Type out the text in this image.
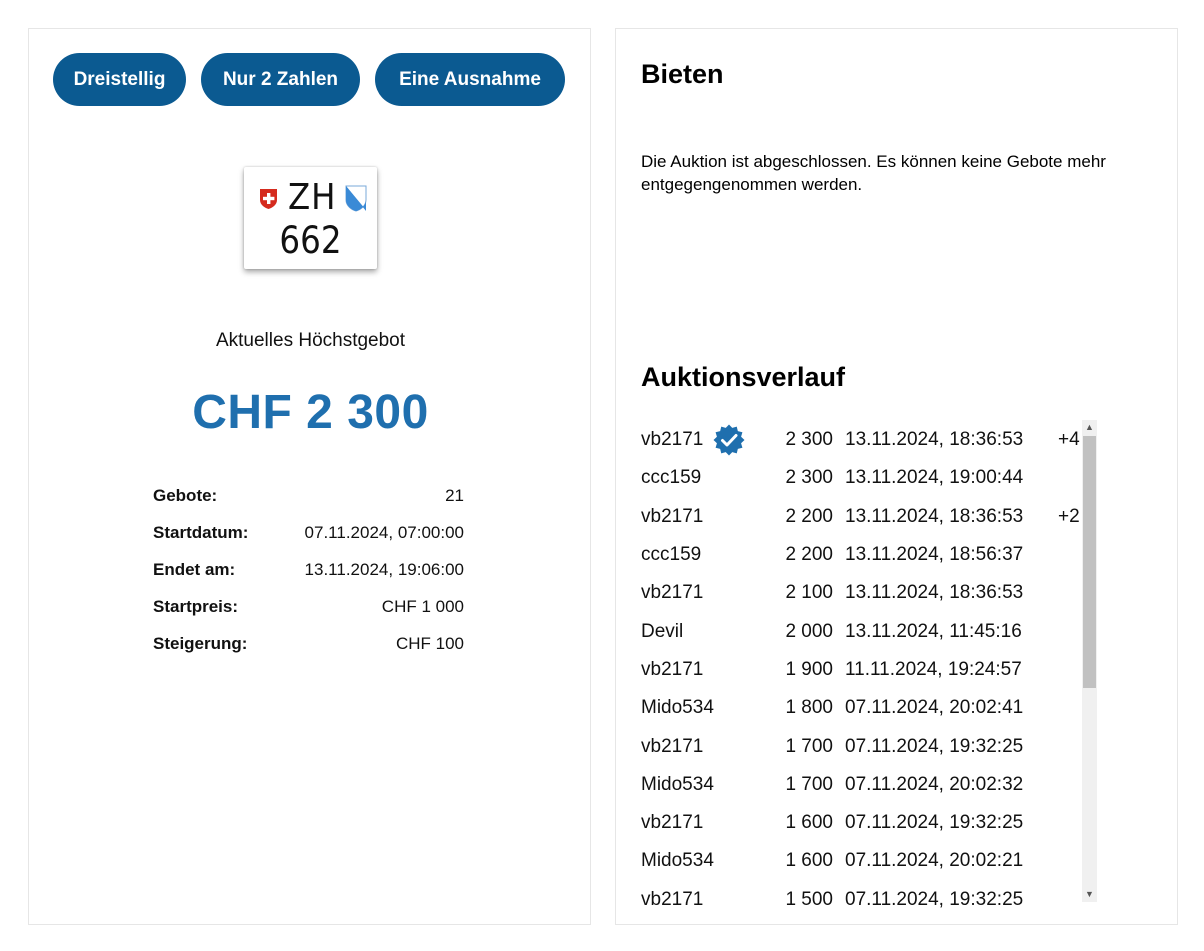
Dreistellig	Nur 2 Zahlen	Eine Ausnahme
ZH
662
Aktuelles Höchstgebot
CHF 2 300
Gebote:	21
Startdatum:	07.11.2024, 07:00:00
Endet am:	13.11.2024, 19:06:00
Startpreis:	CHF 1 000
Steigerung:	CHF 100
Bieten
Die Auktion ist abgeschlossen. Es können keine Gebote mehr entgegengenommen werden.
Auktionsverlauf
vb2171	2 300 13.11.2024, 18:36:53	+4
ccc159	2 300 13.11.2024, 19:00:44
vb2171	2 200 13.11.2024, 18:36:53	+2
ccc159	2 200 13.11.2024, 18:56:37
vb2171	2 100 13.11.2024, 18:36:53
Devil	2 000 13.11.2024, 11:45:16
vb2171	1 900 11.11.2024, 19:24:57
Mido534	1 800 07.11.2024, 20:02:41
vb2171	1 700 07.11.2024, 19:32:25
Mido534	1 700 07.11.2024, 20:02:32
vb2171	1 600 07.11.2024, 19:32:25
Mido534	1 600 07.11.2024, 20:02:21
vb2171	1 500 07.11.2024, 19:32:25
▲
▼
